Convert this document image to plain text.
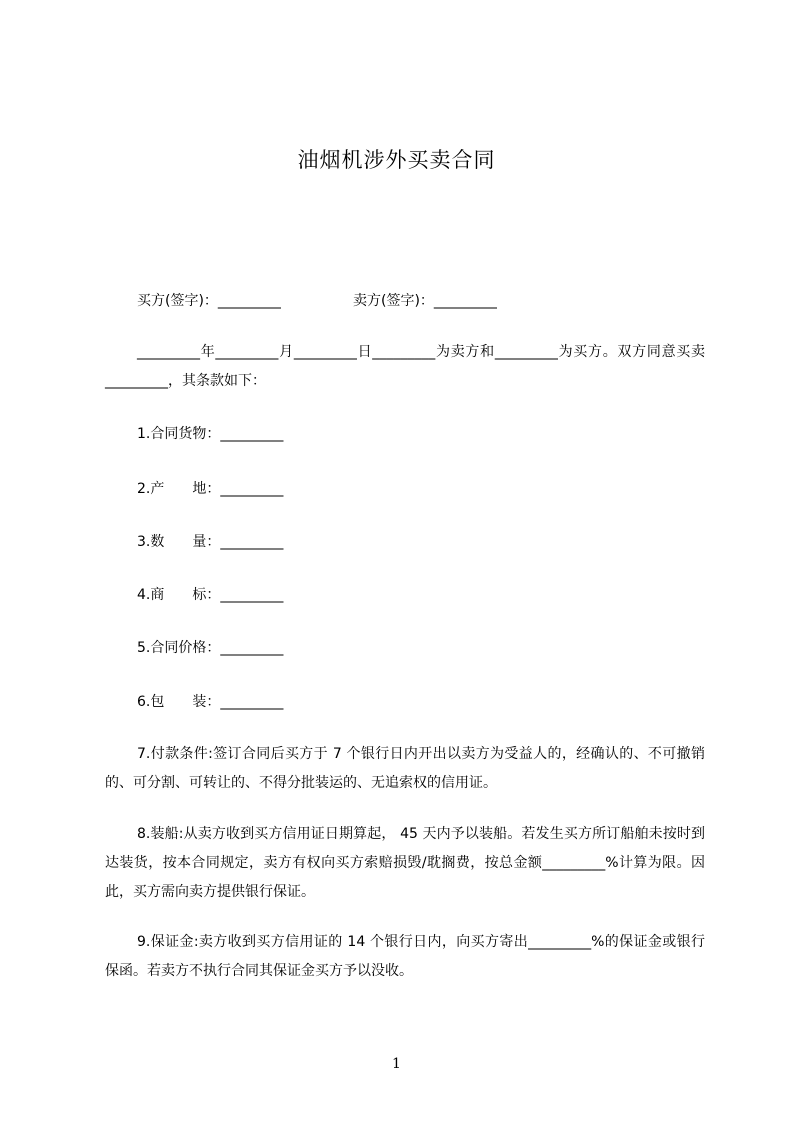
油烟机涉外买卖合同
买方(签字)：_________	卖方(签字)：_________
_________年_________月_________日_________为卖方和_________为买方。双方同意买卖_________，其条款如下：
1.合同货物：_________
2.产　　地：_________
3.数　　量：_________
4.商　　标：_________
5.合同价格：_________
6.包　　装：_________
7.付款条件:签订合同后买方于 7 个银行日内开出以卖方为受益人的，经确认的、不可撤销的、可分割、可转让的、不得分批装运的、无追索权的信用证。
8.装船:从卖方收到买方信用证日期算起， 45 天内予以装船。若发生买方所订船舶未按时到达装货，按本合同规定，卖方有权向买方索赔损毁/耽搁费，按总金额_________%计算为限。因此，买方需向卖方提供银行保证。
9.保证金:卖方收到买方信用证的 14 个银行日内，向买方寄出_________%的保证金或银行保函。若卖方不执行合同其保证金买方予以没收。
1
